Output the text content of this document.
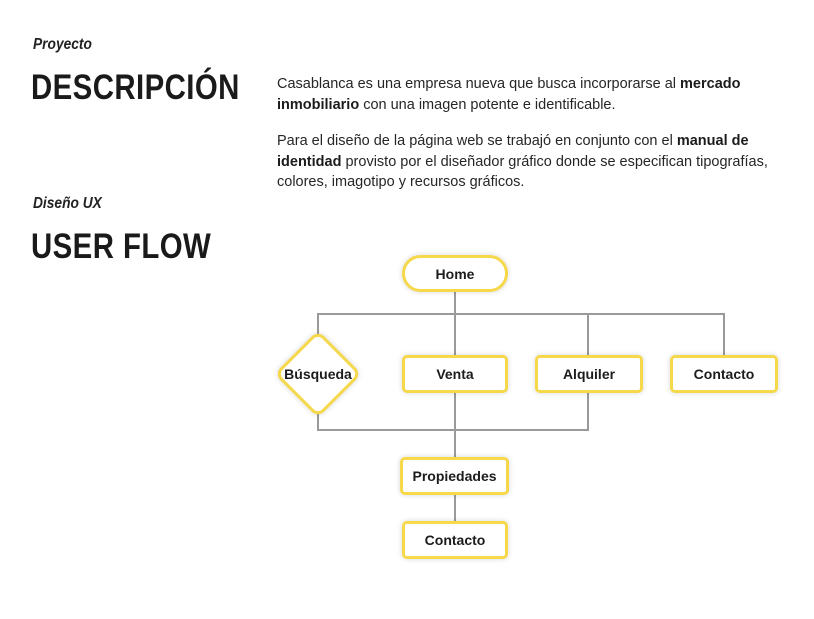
Proyecto
DESCRIPCIÓN	Casablanca es una empresa nueva que busca incorporarse al mercado inmobiliario con una imagen potente e identificable.

Para el diseño de la página web se trabajó en conjunto con el manual de identidad provisto por el diseñador gráfico donde se especifican tipografías, colores, imagotipo y recursos gráficos.

Diseño UX
USER FLOW
Home
Búsqueda	Venta	Alquiler	Contacto
Propiedades
Contacto
